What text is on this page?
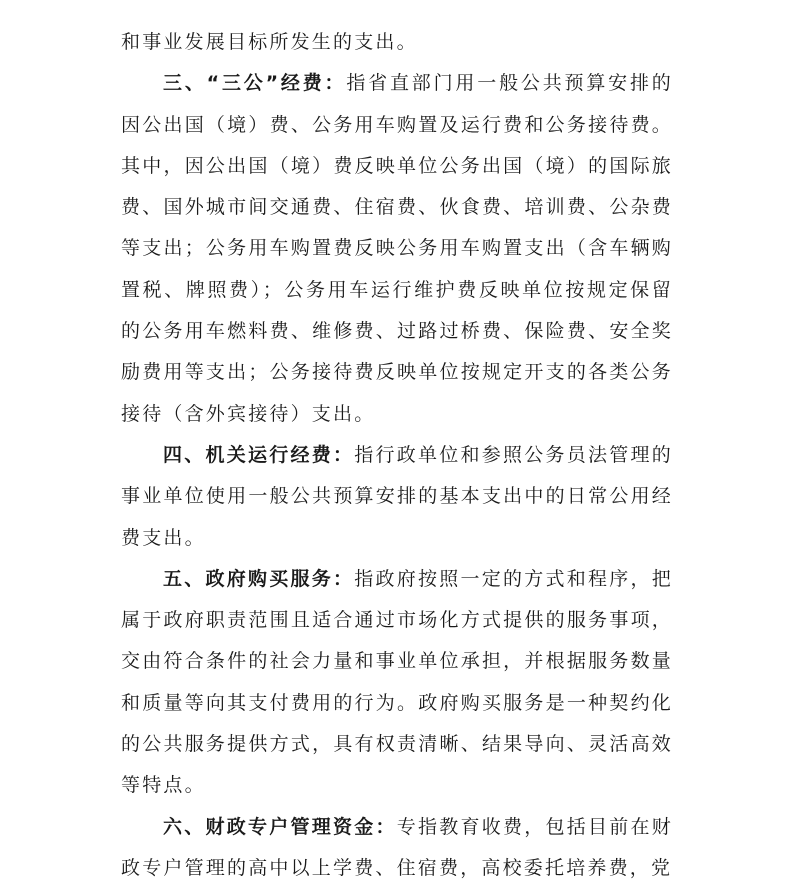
和事业发展目标所发生的支出。

三、“三公”经费：指省直部门用一般公共预算安排的因公出国（境）费、公务用车购置及运行费和公务接待费。其中，因公出国（境）费反映单位公务出国（境）的国际旅费、国外城市间交通费、住宿费、伙食费、培训费、公杂费等支出；公务用车购置费反映公务用车购置支出（含车辆购置税、牌照费）；公务用车运行维护费反映单位按规定保留的公务用车燃料费、维修费、过路过桥费、保险费、安全奖励费用等支出；公务接待费反映单位按规定开支的各类公务接待（含外宾接待）支出。

四、机关运行经费：指行政单位和参照公务员法管理的事业单位使用一般公共预算安排的基本支出中的日常公用经费支出。

五、政府购买服务：指政府按照一定的方式和程序，把属于政府职责范围且适合通过市场化方式提供的服务事项，交由符合条件的社会力量和事业单位承担，并根据服务数量和质量等向其支付费用的行为。政府购买服务是一种契约化的公共服务提供方式，具有权责清晰、结果导向、灵活高效等特点。

六、财政专户管理资金：专指教育收费，包括目前在财政专户管理的高中以上学费、住宿费，高校委托培养费，党
